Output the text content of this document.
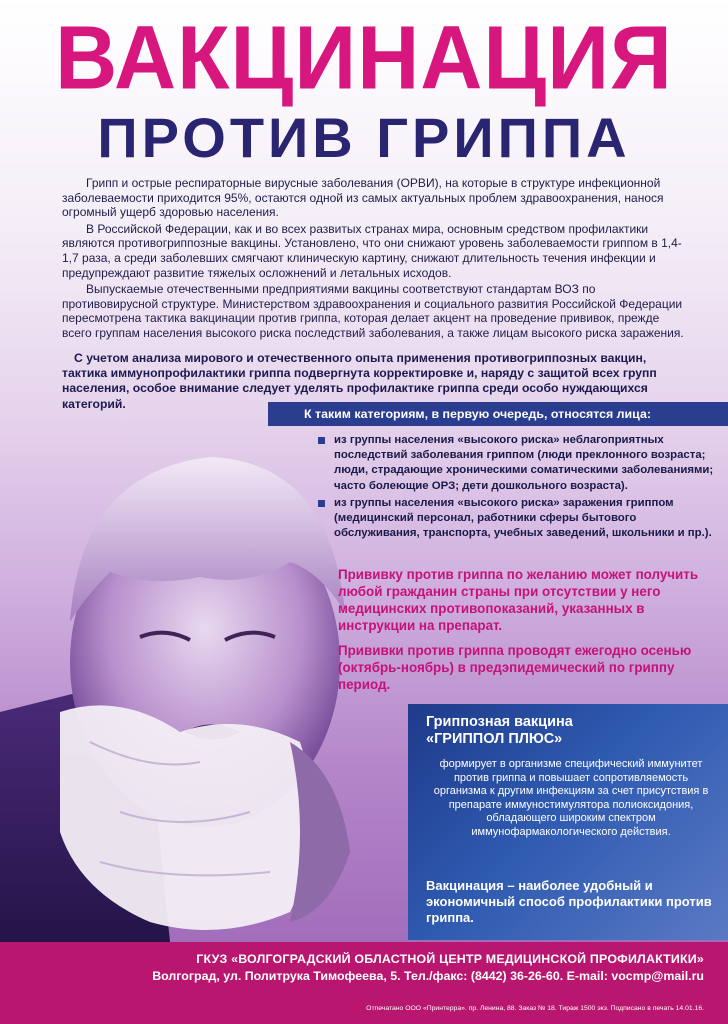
ВАКЦИНАЦИЯ
ПРОТИВ ГРИППА

Грипп и острые респираторные вирусные заболевания (ОРВИ), на которые в структуре инфекционной заболеваемости приходится 95%, остаются одной из самых актуальных проблем здравоохранения, нанося огромный ущерб здоровью населения.

В Российской Федерации, как и во всех развитых странах мира, основным средством профилактики являются противогриппозные вакцины. Установлено, что они снижают уровень заболеваемости гриппом в 1,4-1,7 раза, а среди заболевших смягчают клиническую картину, снижают длительность течения инфекции и предупреждают развитие тяжелых осложнений и летальных исходов.

Выпускаемые отечественными предприятиями вакцины соответствуют стандартам ВОЗ по противовирусной структуре. Министерством здравоохранения и социального развития Российской Федерации пересмотрена тактика вакцинации против гриппа, которая делает акцент на проведение прививок, прежде всего группам населения высокого риска последствий заболевания, а также лицам высокого риска заражения.

С учетом анализа мирового и отечественного опыта применения противогриппозных вакцин, тактика иммунопрофилактики гриппа подвергнута корректировке и, наряду с защитой всех групп населения, особое внимание следует уделять профилактике гриппа среди особо нуждающихся категорий.
К таким категориям, в первую очередь, относятся лица:
из группы населения «высокого риска» неблагоприятных последствий заболевания гриппом (люди преклонного возраста; люди, страдающие хроническими соматическими заболеваниями; часто болеющие ОРЗ; дети дошкольного возраста).
из группы населения «высокого риска» заражения гриппом (медицинский персонал, работники сферы бытового обслуживания, транспорта, учебных заведений, школьники и пр.).
Прививку против гриппа по желанию может получить любой гражданин страны при отсутствии у него медицинских противопоказаний, указанных в инструкции на препарат.
Прививки против гриппа проводят ежегодно осенью (октябрь-ноябрь) в предэпидемический по гриппу период.
Гриппозная вакцина
«ГРИППОЛ ПЛЮС»
формирует в организме специфический иммунитет против гриппа и повышает сопротивляемость организма к другим инфекциям за счет присутствия в препарате иммуностимулятора полиоксидония, обладающего широким спектром иммунофармакологического действия.
Вакцинация – наиболее удобный и экономичный способ профилактики против гриппа.
ГКУЗ «ВОЛГОГРАДСКИЙ ОБЛАСТНОЙ ЦЕНТР МЕДИЦИНСКОЙ ПРОФИЛАКТИКИ»
Волгоград, ул. Политрука Тимофеева, 5. Тел./факс: (8442) 36-26-60. E-mail: vocmp@mail.ru
Отпечатано ООО «Принтерра». пр. Ленина, 88. Заказ № 18. Тираж 1500 экз. Подписано в печать 14.01.16.
